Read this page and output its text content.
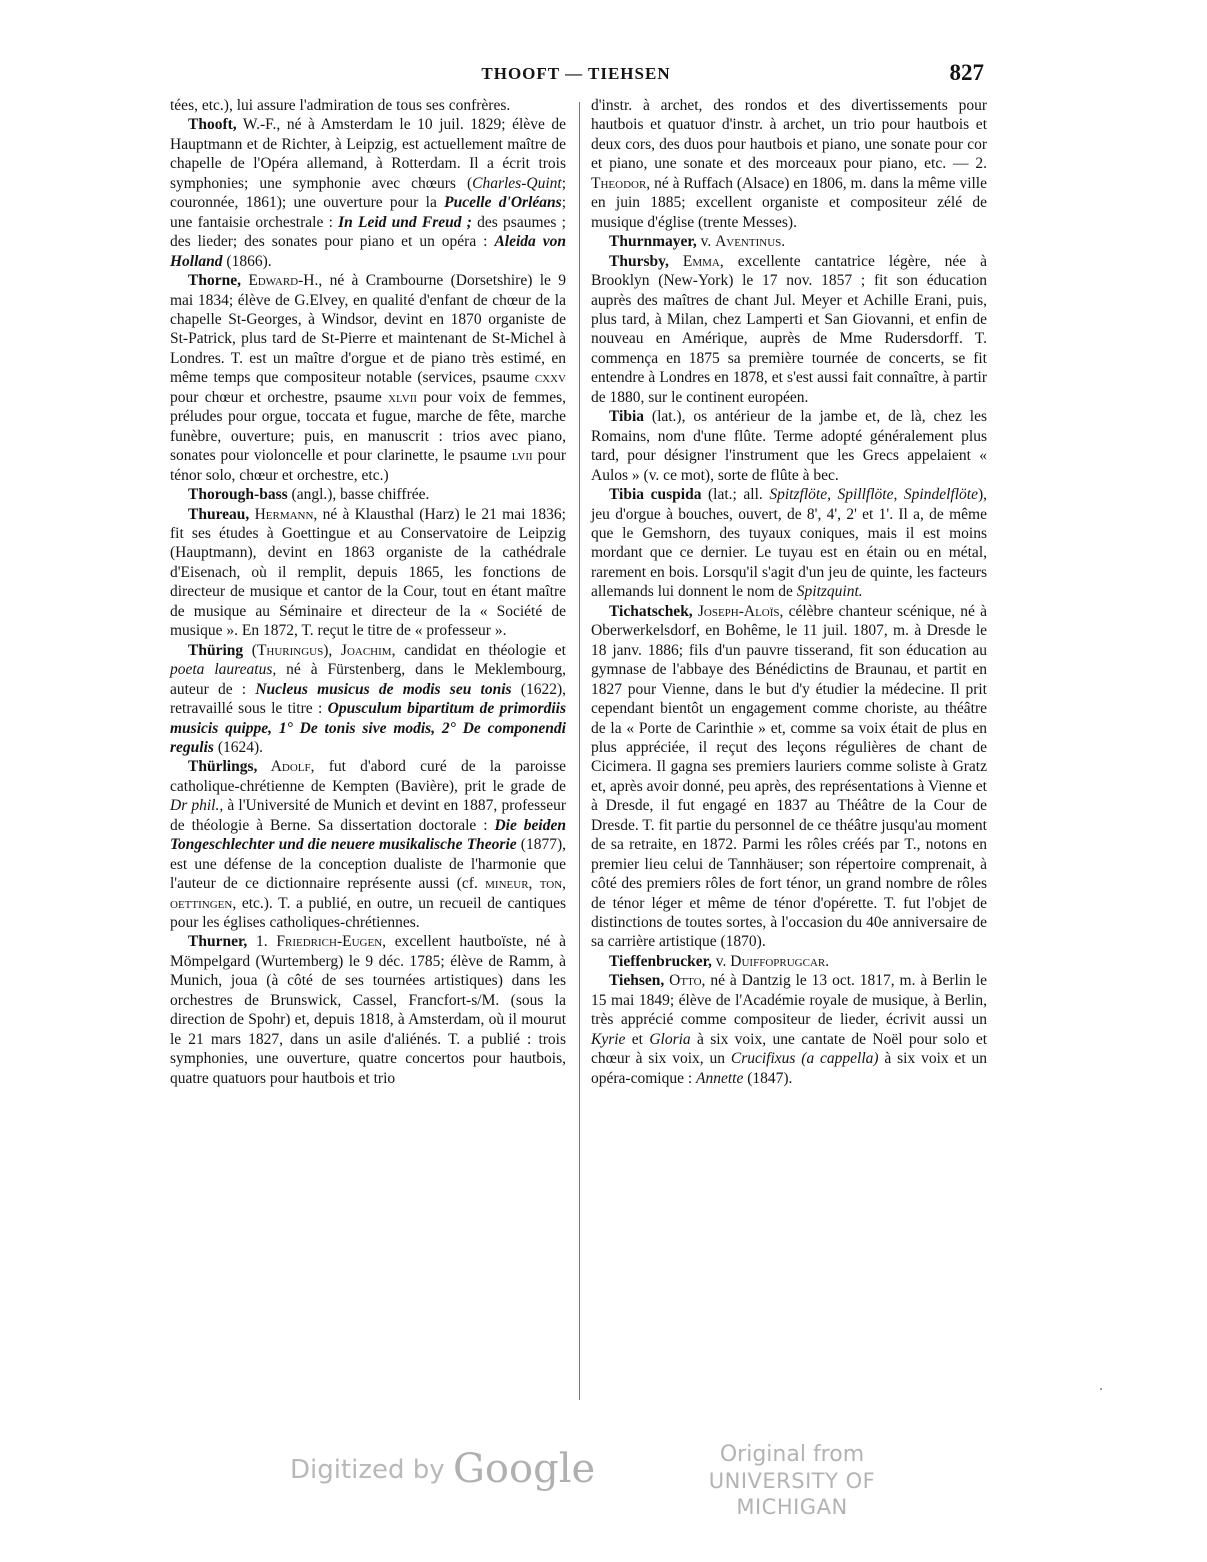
THOOFT — TIEHSEN	827

tées, etc.), lui assure l'admiration de tous ses confrères.

Thooft, W.-F., né à Amsterdam le 10 juil. 1829; élève de Hauptmann et de Richter, à Leipzig, est actuellement maître de chapelle de l'Opéra allemand, à Rotterdam. Il a écrit trois symphonies; une symphonie avec chœurs (Charles-Quint; couronnée, 1861); une ouverture pour la Pucelle d'Orléans; une fantaisie orchestrale : In Leid und Freud ; des psaumes ; des lieder; des sonates pour piano et un opéra : Aleida von Holland (1866).

Thorne, Edward-H., né à Crambourne (Dorsetshire) le 9 mai 1834; élève de G.Elvey, en qualité d'enfant de chœur de la chapelle St-Georges, à Windsor, devint en 1870 organiste de St-Patrick, plus tard de St-Pierre et maintenant de St-Michel à Londres. T. est un maître d'orgue et de piano très estimé, en même temps que compositeur notable (services, psaume cxxv pour chœur et orchestre, psaume xlvii pour voix de femmes, préludes pour orgue, toccata et fugue, marche de fête, marche funèbre, ouverture; puis, en manuscrit : trios avec piano, sonates pour violoncelle et pour clarinette, le psaume lvii pour ténor solo, chœur et orchestre, etc.)

Thorough-bass (angl.), basse chiffrée.

Thureau, Hermann, né à Klausthal (Harz) le 21 mai 1836; fit ses études à Goettingue et au Conservatoire de Leipzig (Hauptmann), devint en 1863 organiste de la cathédrale d'Eisenach, où il remplit, depuis 1865, les fonctions de directeur de musique et cantor de la Cour, tout en étant maître de musique au Séminaire et directeur de la « Société de musique ». En 1872, T. reçut le titre de « professeur ».

Thüring (Thuringus), Joachim, candidat en théologie et poeta laureatus, né à Fürstenberg, dans le Meklembourg, auteur de : Nucleus musicus de modis seu tonis (1622), retravaillé sous le titre : Opusculum bipartitum de primordiis musicis quippe, 1° De tonis sive modis, 2° De componendi regulis (1624).

Thürlings, Adolf, fut d'abord curé de la paroisse catholique-chrétienne de Kempten (Bavière), prit le grade de Dr phil., à l'Université de Munich et devint en 1887, professeur de théologie à Berne. Sa dissertation doctorale : Die beiden Tongeschlechter und die neuere musikalische Theorie (1877), est une défense de la conception dualiste de l'harmonie que l'auteur de ce dictionnaire représente aussi (cf. mineur, ton, oettingen, etc.). T. a publié, en outre, un recueil de cantiques pour les églises catholiques-chrétiennes.

Thurner, 1. Friedrich-Eugen, excellent hautboïste, né à Mömpelgard (Wurtemberg) le 9 déc. 1785; élève de Ramm, à Munich, joua (à côté de ses tournées artistiques) dans les orchestres de Brunswick, Cassel, Francfort-s/M. (sous la direction de Spohr) et, depuis 1818, à Amsterdam, où il mourut le 21 mars 1827, dans un asile d'aliénés. T. a publié : trois symphonies, une ouverture, quatre concertos pour hautbois, quatre quatuors pour hautbois et trio

d'instr. à archet, des rondos et des divertissements pour hautbois et quatuor d'instr. à archet, un trio pour hautbois et deux cors, des duos pour hautbois et piano, une sonate pour cor et piano, une sonate et des morceaux pour piano, etc. — 2. Theodor, né à Ruffach (Alsace) en 1806, m. dans la même ville en juin 1885; excellent organiste et compositeur zélé de musique d'église (trente Messes).

Thurnmayer, v. Aventinus.

Thursby, Emma, excellente cantatrice légère, née à Brooklyn (New-York) le 17 nov. 1857 ; fit son éducation auprès des maîtres de chant Jul. Meyer et Achille Erani, puis, plus tard, à Milan, chez Lamperti et San Giovanni, et enfin de nouveau en Amérique, auprès de Mme Rudersdorff. T. commença en 1875 sa première tournée de concerts, se fit entendre à Londres en 1878, et s'est aussi fait connaître, à partir de 1880, sur le continent européen.

Tibia (lat.), os antérieur de la jambe et, de là, chez les Romains, nom d'une flûte. Terme adopté généralement plus tard, pour désigner l'instrument que les Grecs appelaient « Aulos » (v. ce mot), sorte de flûte à bec.

Tibia cuspida (lat.; all. Spitzflöte, Spillflöte, Spindelflöte), jeu d'orgue à bouches, ouvert, de 8', 4', 2' et 1'. Il a, de même que le Gemshorn, des tuyaux coniques, mais il est moins mordant que ce dernier. Le tuyau est en étain ou en métal, rarement en bois. Lorsqu'il s'agit d'un jeu de quinte, les facteurs allemands lui donnent le nom de Spitzquint.

Tichatschek, Joseph-Aloïs, célèbre chanteur scénique, né à Oberwerkelsdorf, en Bohême, le 11 juil. 1807, m. à Dresde le 18 janv. 1886; fils d'un pauvre tisserand, fit son éducation au gymnase de l'abbaye des Bénédictins de Braunau, et partit en 1827 pour Vienne, dans le but d'y étudier la médecine. Il prit cependant bientôt un engagement comme choriste, au théâtre de la « Porte de Carinthie » et, comme sa voix était de plus en plus appréciée, il reçut des leçons régulières de chant de Cicimera. Il gagna ses premiers lauriers comme soliste à Gratz et, après avoir donné, peu après, des représentations à Vienne et à Dresde, il fut engagé en 1837 au Théâtre de la Cour de Dresde. T. fit partie du personnel de ce théâtre jusqu'au moment de sa retraite, en 1872. Parmi les rôles créés par T., notons en premier lieu celui de Tannhäuser; son répertoire comprenait, à côté des premiers rôles de fort ténor, un grand nombre de rôles de ténor léger et même de ténor d'opérette. T. fut l'objet de distinctions de toutes sortes, à l'occasion du 40e anniversaire de sa carrière artistique (1870).

Tieffenbrucker, v. Duiffoprugcar.

Tiehsen, Otto, né à Dantzig le 13 oct. 1817, m. à Berlin le 15 mai 1849; élève de l'Académie royale de musique, à Berlin, très apprécié comme compositeur de lieder, écrivit aussi un Kyrie et Gloria à six voix, une cantate de Noël pour solo et chœur à six voix, un Crucifixus (a cappella) à six voix et un opéra-comique : Annette (1847).

Digitized by Google	Original from
UNIVERSITY OF MICHIGAN
